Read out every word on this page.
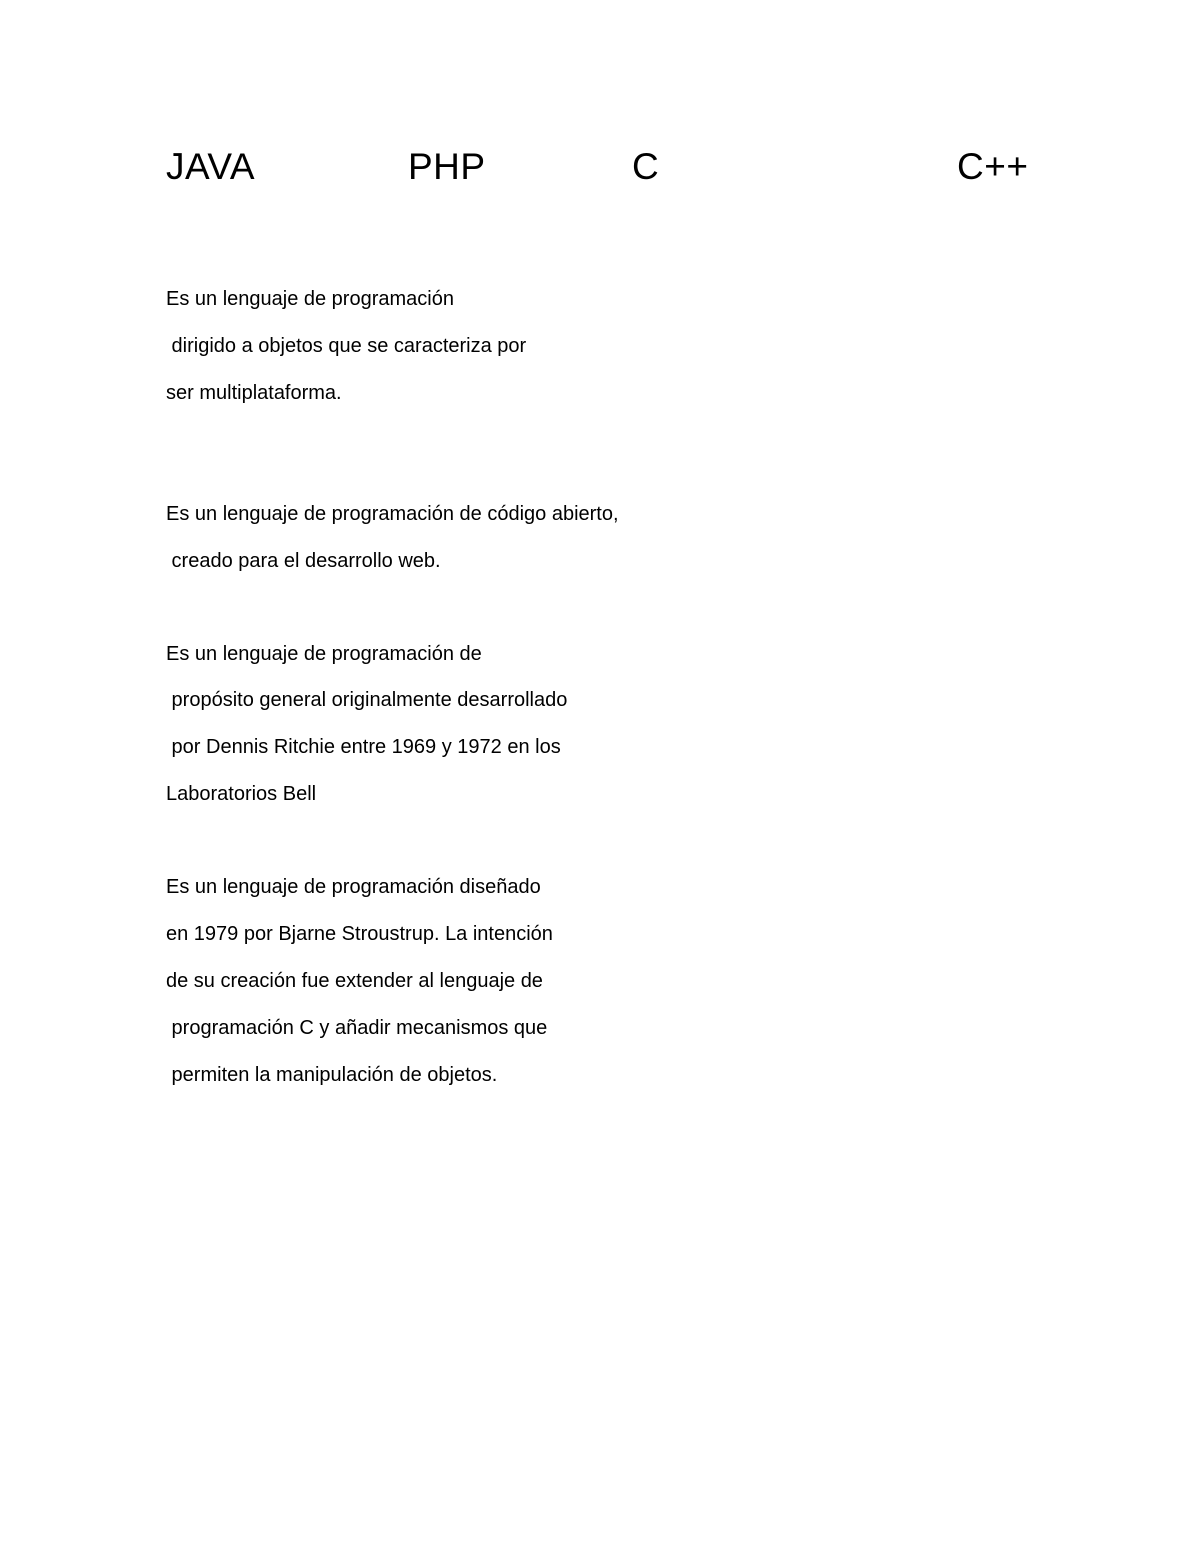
JAVA	PHP	C	C++
Es un lenguaje de programación
dirigido a objetos que se caracteriza por
ser multiplataforma.
Es un lenguaje de programación de código abierto,
creado para el desarrollo web.
Es un lenguaje de programación de
propósito general originalmente desarrollado
por Dennis Ritchie entre 1969 y 1972 en los
Laboratorios Bell
Es un lenguaje de programación diseñado
en 1979 por Bjarne Stroustrup. La intención
de su creación fue extender al lenguaje de
programación C y añadir mecanismos que
permiten la manipulación de objetos.
